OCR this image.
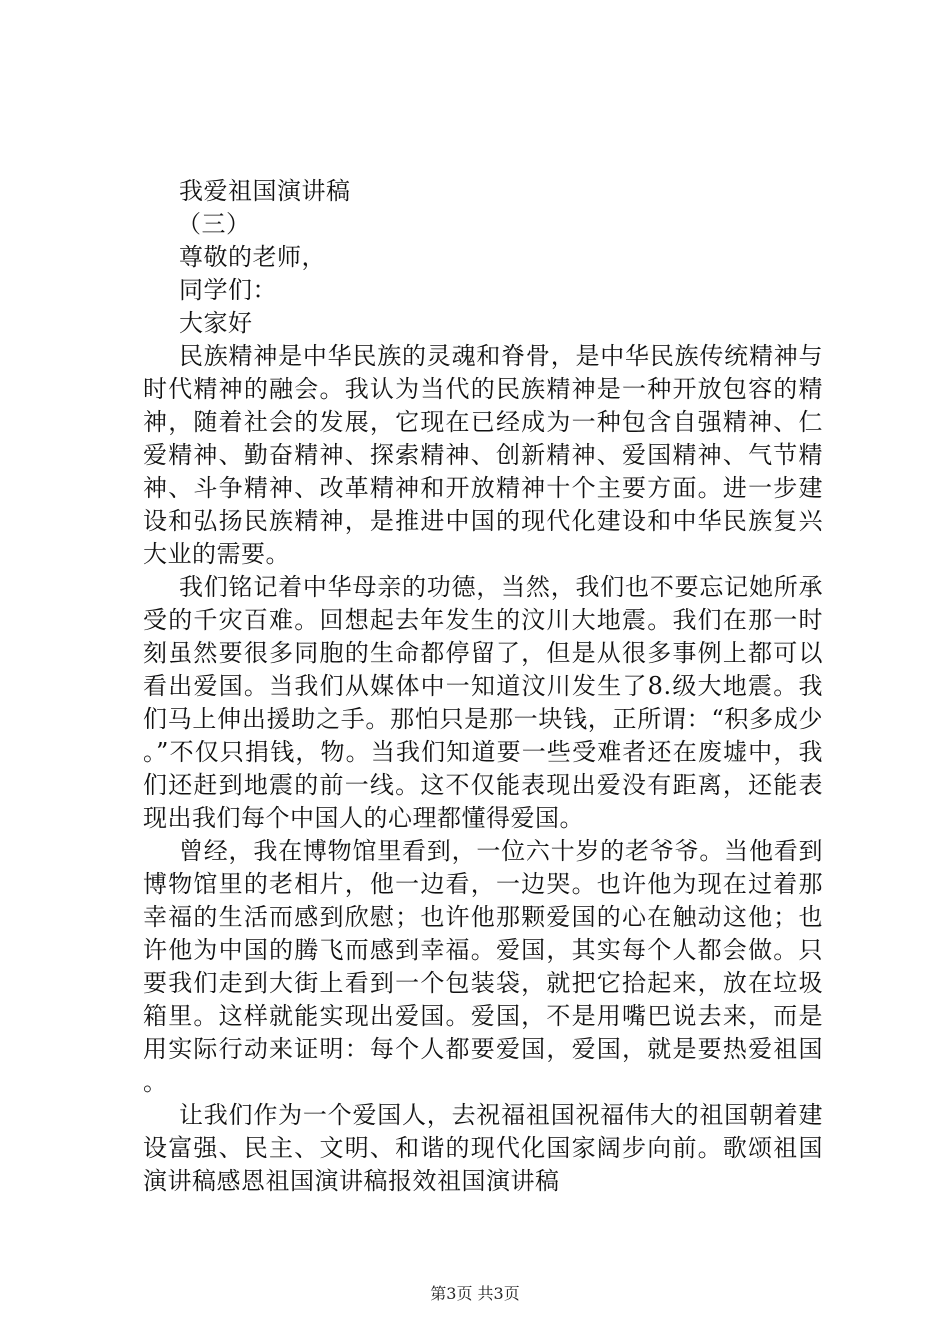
我爱祖国演讲稿

（三）

尊敬的老师，

同学们：

大家好

民族精神是中华民族的灵魂和脊骨，是中华民族传统精神与时代精神的融会。我认为当代的民族精神是一种开放包容的精神，随着社会的发展，它现在已经成为一种包含自强精神、仁爱精神、勤奋精神、探索精神、创新精神、爱国精神、气节精神、斗争精神、改革精神和开放精神十个主要方面。进一步建设和弘扬民族精神，是推进中国的现代化建设和中华民族复兴大业的需要。

我们铭记着中华母亲的功德，当然，我们也不要忘记她所承受的千灾百难。回想起去年发生的汶川大地震。我们在那一时刻虽然要很多同胞的生命都停留了，但是从很多事例上都可以看出爱国。当我们从媒体中一知道汶川发生了8.级大地震。我们马上伸出援助之手。那怕只是那一块钱，正所谓：“积多成少。”不仅只捐钱，物。当我们知道要一些受难者还在废墟中，我们还赶到地震的前一线。这不仅能表现出爱没有距离，还能表现出我们每个中国人的心理都懂得爱国。

曾经，我在博物馆里看到，一位六十岁的老爷爷。当他看到博物馆里的老相片，他一边看，一边哭。也许他为现在过着那幸福的生活而感到欣慰；也许他那颗爱国的心在触动这他；也许他为中国的腾飞而感到幸福。爱国，其实每个人都会做。只要我们走到大街上看到一个包装袋，就把它拾起来，放在垃圾箱里。这样就能实现出爱国。爱国，不是用嘴巴说去来，而是用实际行动来证明：每个人都要爱国，爱国，就是要热爱祖国。

让我们作为一个爱国人，去祝福祖国祝福伟大的祖国朝着建设富强、民主、文明、和谐的现代化国家阔步向前。歌颂祖国演讲稿感恩祖国演讲稿报效祖国演讲稿

第3页 共3页
